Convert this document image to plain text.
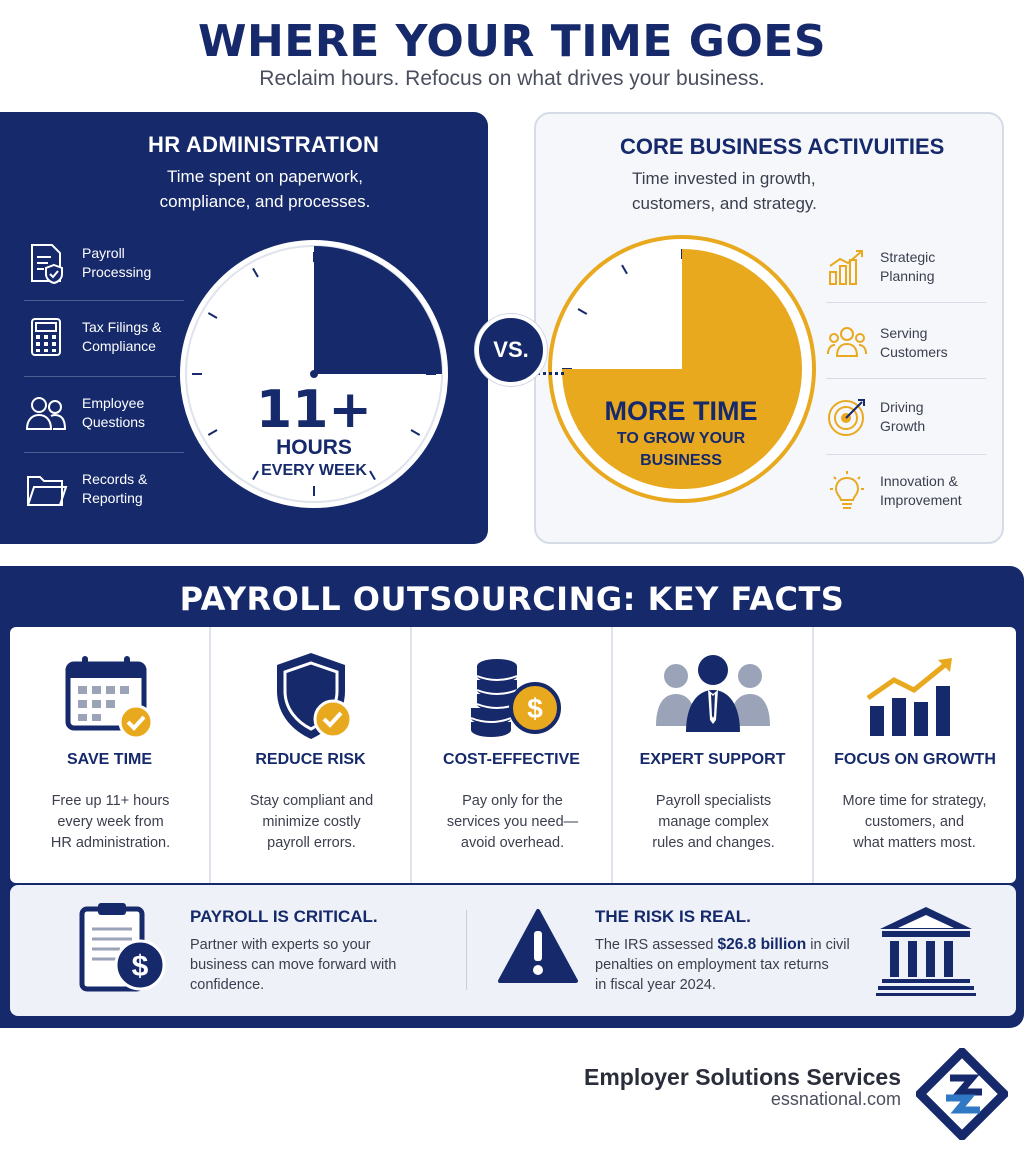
WHERE YOUR TIME GOES
Reclaim hours. Refocus on what drives your business.
HR ADMINISTRATION
Time spent on paperwork,
compliance, and processes.
Payroll
Processing
Tax Filings &
Compliance
Employee
Questions
Records &
Reporting
11+
HOURS
EVERY WEEK
CORE BUSINESS ACTIVUITIES
Time invested in growth,
customers, and strategy.
Strategic
Planning
Serving
Customers
Driving
Growth
Innovation &
Improvement
MORE TIME
TO GROW YOUR
BUSINESS
VS.
PAYROLL OUTSOURCING: KEY FACTS
SAVE TIME
Free up 11+ hours
every week from
HR administration.
REDUCE RISK
Stay compliant and
minimize costly
payroll errors.
$
COST-EFFECTIVE
Pay only for the
services you need—
avoid overhead.
EXPERT SUPPORT
Payroll specialists
manage complex
rules and changes.
FOCUS ON GROWTH
More time for strategy,
customers, and
what matters most.
$
PAYROLL IS CRITICAL.
Partner with experts so your
business can move forward with
confidence.
THE RISK IS REAL.
The IRS assessed $26.8 billion in civil
penalties on employment tax returns
in fiscal year 2024.
Employer Solutions Services
essnational.com
